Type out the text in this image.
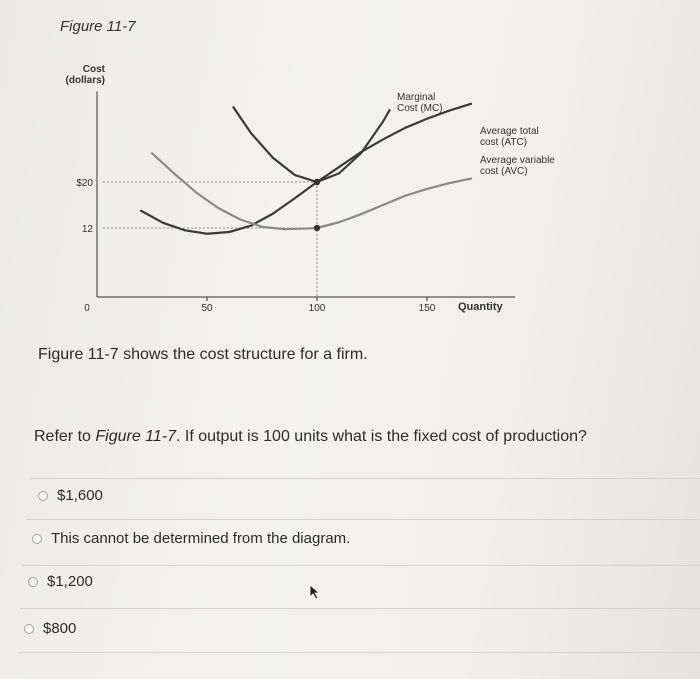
Figure 11-7
Cost
(dollars)
Quantity
0	50	100	150
$20
12
Marginal
Cost (MC)
Average total
cost (ATC)
Average variable
cost (AVC)
Figure 11-7 shows the cost structure for a firm.
Refer to Figure 11-7. If output is 100 units what is the fixed cost of production?
$1,600
This cannot be determined from the diagram.
$1,200
$800
